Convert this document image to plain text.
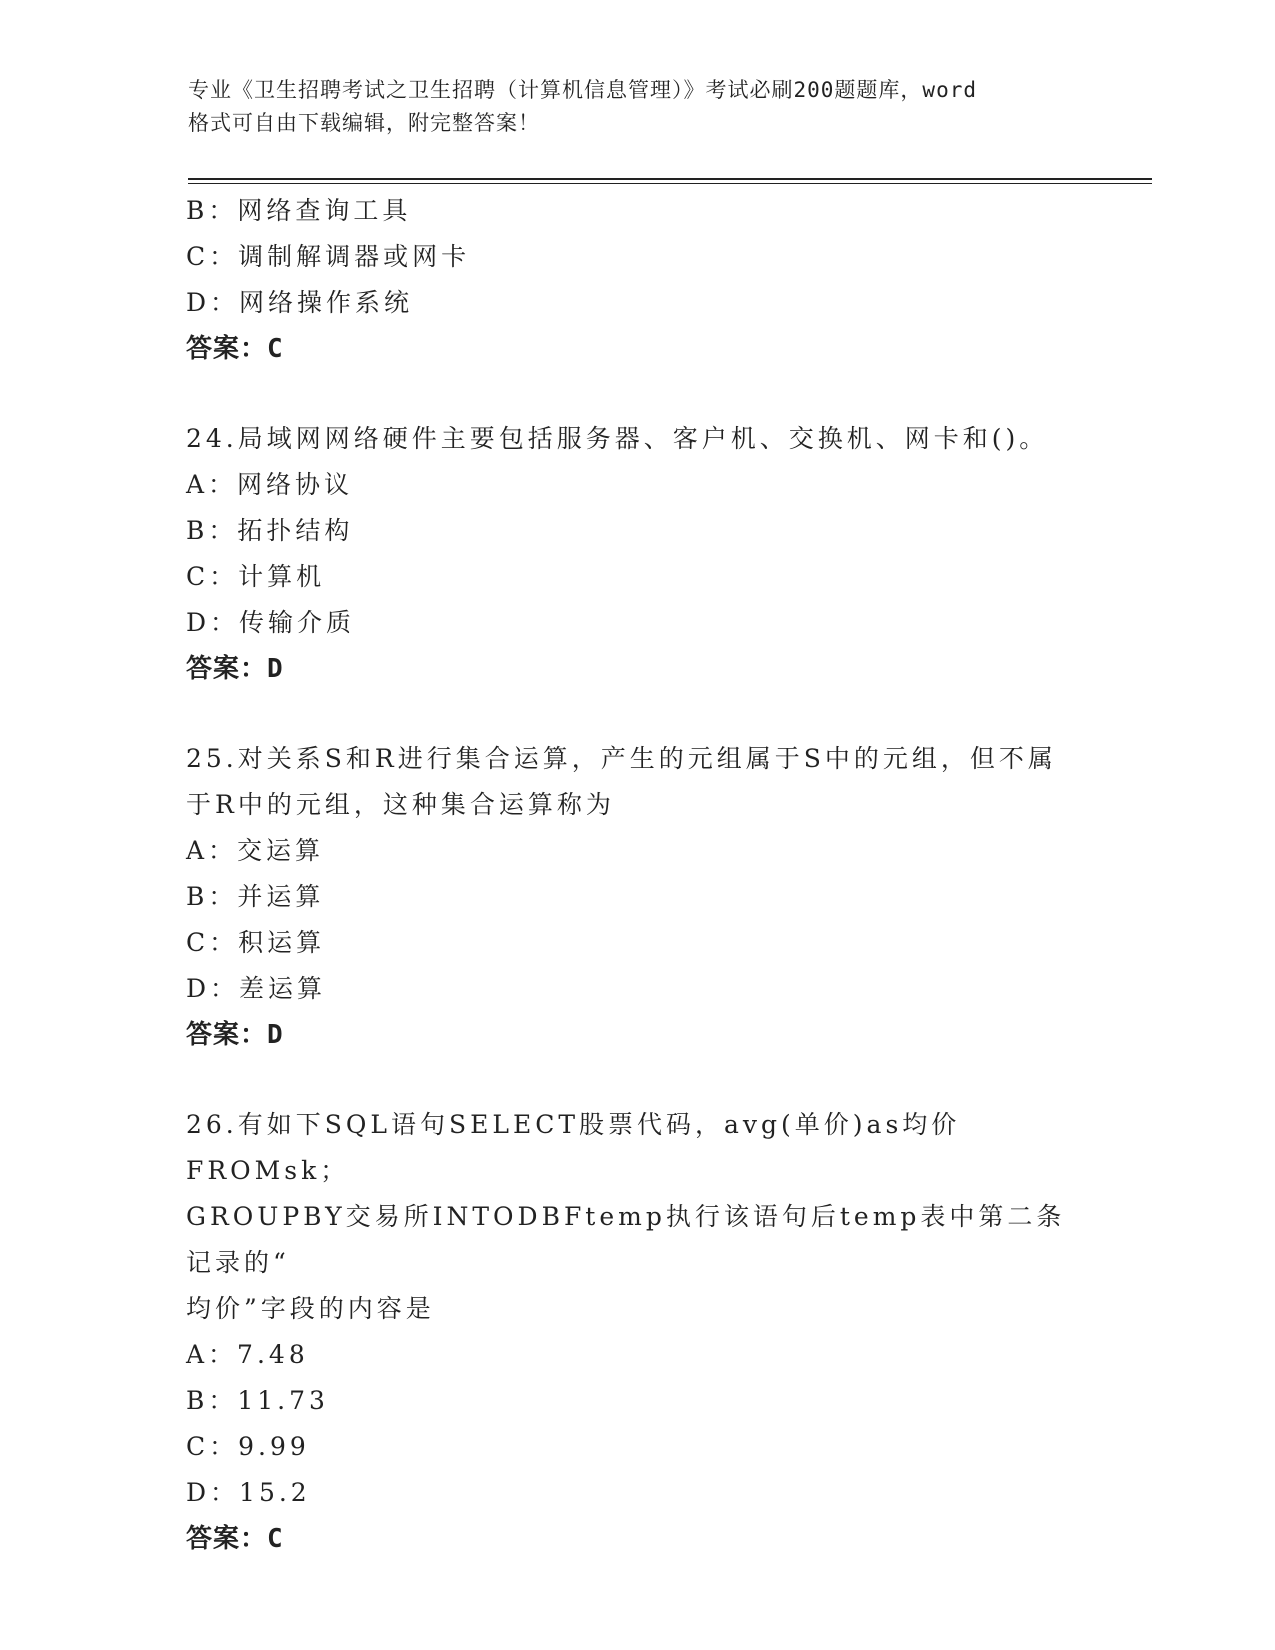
专业《卫生招聘考试之卫生招聘（计算机信息管理）》考试必刷200题题库，word
格式可自由下载编辑，附完整答案！
B：网络查询工具
C：调制解调器或网卡
D：网络操作系统
答案：C
24.局域网网络硬件主要包括服务器、客户机、交换机、网卡和()。
A：网络协议
B：拓扑结构
C：计算机
D：传输介质
答案：D
25.对关系S和R进行集合运算，产生的元组属于S中的元组，但不属
于R中的元组，这种集合运算称为
A：交运算
B：并运算
C：积运算
D：差运算
答案：D
26.有如下SQL语句SELECT股票代码，avg(单价)as均价FROMsk；
GROUPBY交易所INTODBFtemp执行该语句后temp表中第二条记录的“
均价”字段的内容是
A：7.48
B：11.73
C：9.99
D：15.2
答案：C
